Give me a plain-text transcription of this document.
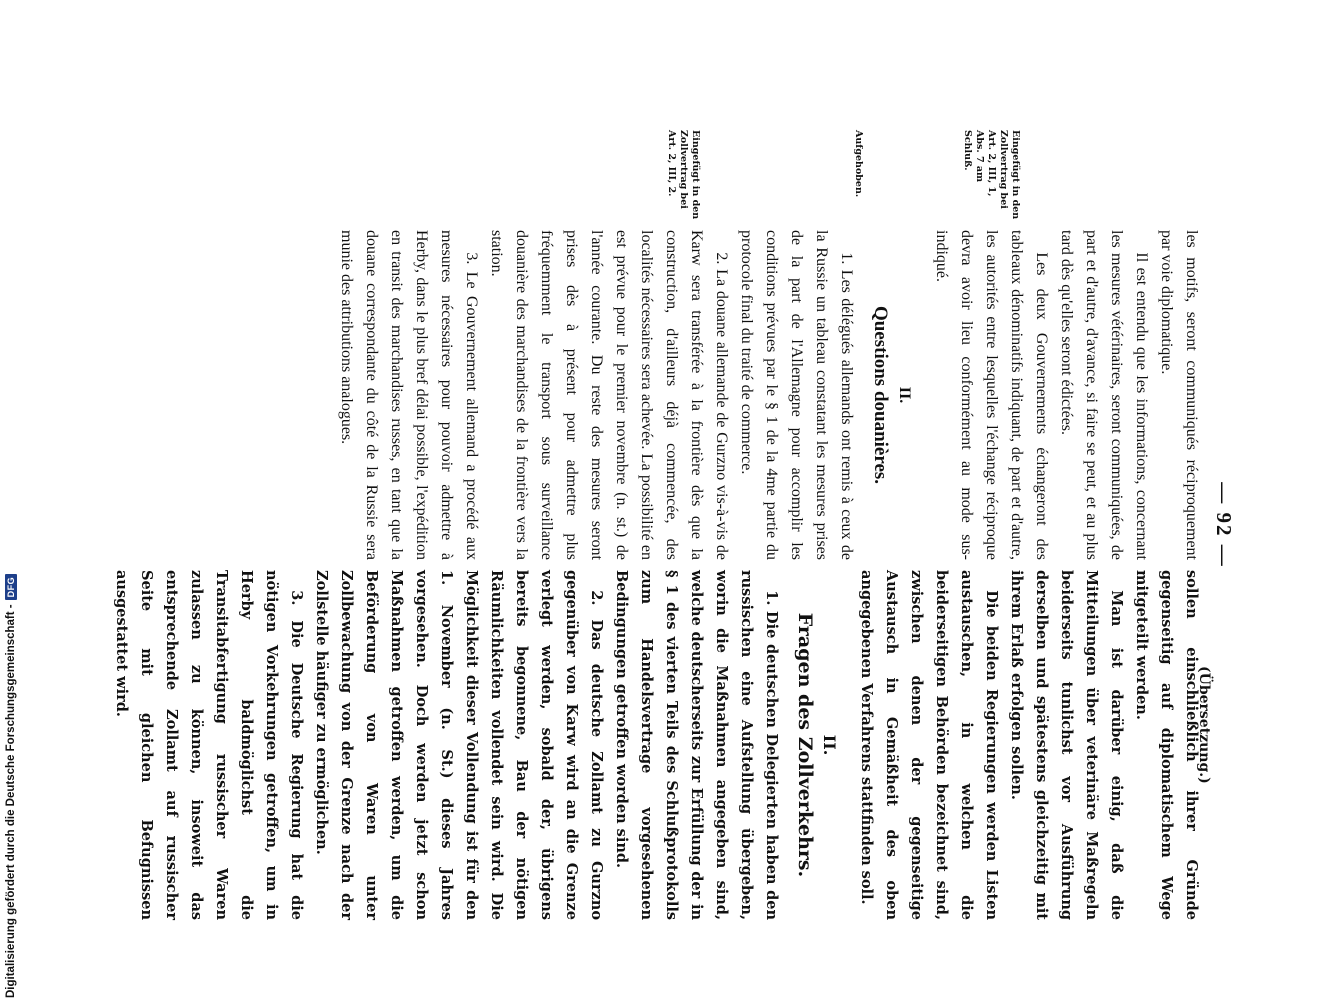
— 92 —
(Übersetzung.)
Eingefügt in den Zollvertrag bei Art. 2, III, 1, Abs. 7 am Schluß.
Aufgehoben.
Eingefügt in den Zollvertrag bei Art. 2, III, 2.

les motifs, seront communiqués réciproquement par voie diplomatique.

Il est entendu que les informations, concernant les mesures vétérinaires, seront communiquées, de part et d'autre, d'avance, si faire se peut, et au plus tard dès qu'elles seront édictées.

Les deux Gouvernements échangeront des tableaux dénominatifs indiquant, de part et d'autre, les autorités entre lesquelles l'échange réciproque devra avoir lieu conformément au mode sus-indiqué.

II.
Questions douanières.

1. Les délégués allemands ont remis à ceux de la Russie un tableau constatant les mesures prises de la part de l'Allemagne pour accomplir les conditions prévues par le § 1 de la 4me partie du protocole final du traité de commerce.

2. La douane allemande de Gurzno vis-à-vis de Karw sera transférée à la frontière dès que la construction, d'ailleurs déjà commencée, des localités nécessaires sera achevée. La possibilité en est prévue pour le premier novembre (n. st.) de l'année courante. Du reste des mesures seront prises dès à présent pour admettre plus fréquemment le transport sous surveillance douanière des marchandises de la frontière vers la station.

3. Le Gouvernement allemand a procédé aux mesures nécessaires pour pouvoir admettre à Herby, dans le plus bref délai possible, l'expédition en transit des marchandises russes, en tant que la douane correspondante du côté de la Russie sera munie des attributions analogues.

sollen einschließlich ihrer Gründe gegenseitig auf diplomatischem Wege mitgeteilt werden.

Man ist darüber einig, daß die Mitteilungen über veterinäre Maßregeln beiderseits tunlichst vor Ausführung derselben und spätestens gleichzeitig mit ihrem Erlaß erfolgen sollen.

Die beiden Regierungen werden Listen austauschen, in welchen die beiderseitigen Behörden bezeichnet sind, zwischen denen der gegenseitige Austausch in Gemäßheit des oben angegebenen Verfahrens stattfinden soll.

II.
Fragen des Zollverkehrs.

1. Die deutschen Delegierten haben den russischen eine Aufstellung übergeben, worin die Maßnahmen angegeben sind, welche deutscherseits zur Erfüllung der in § 1 des vierten Teils des Schlußprotokolls zum Handelsvertrage vorgesehenen Bedingungen getroffen worden sind.

2. Das deutsche Zollamt zu Gurzno gegenüber von Karw wird an die Grenze verlegt werden, sobald der, übrigens bereits begonnene, Bau der nötigen Räumlichkeiten vollendet sein wird. Die Möglichkeit dieser Vollendung ist für den 1. November (n. St.) dieses Jahres vorgesehen. Doch werden jetzt schon Maßnahmen getroffen werden, um die Beförderung von Waren unter Zollbewachung von der Grenze nach der Zollstelle häufiger zu ermöglichen.

3. Die Deutsche Regierung hat die nötigen Vorkehrungen getroffen, um in Herby baldmöglichst die Transitabfertigung russischer Waren zulassen zu können, insoweit das entsprechende Zollamt auf russischer Seite mit gleichen Befugnissen ausgestattet wird.

Digitalisierung gefördert durch die Deutsche Forschungsgemeinschaft -
DFG
